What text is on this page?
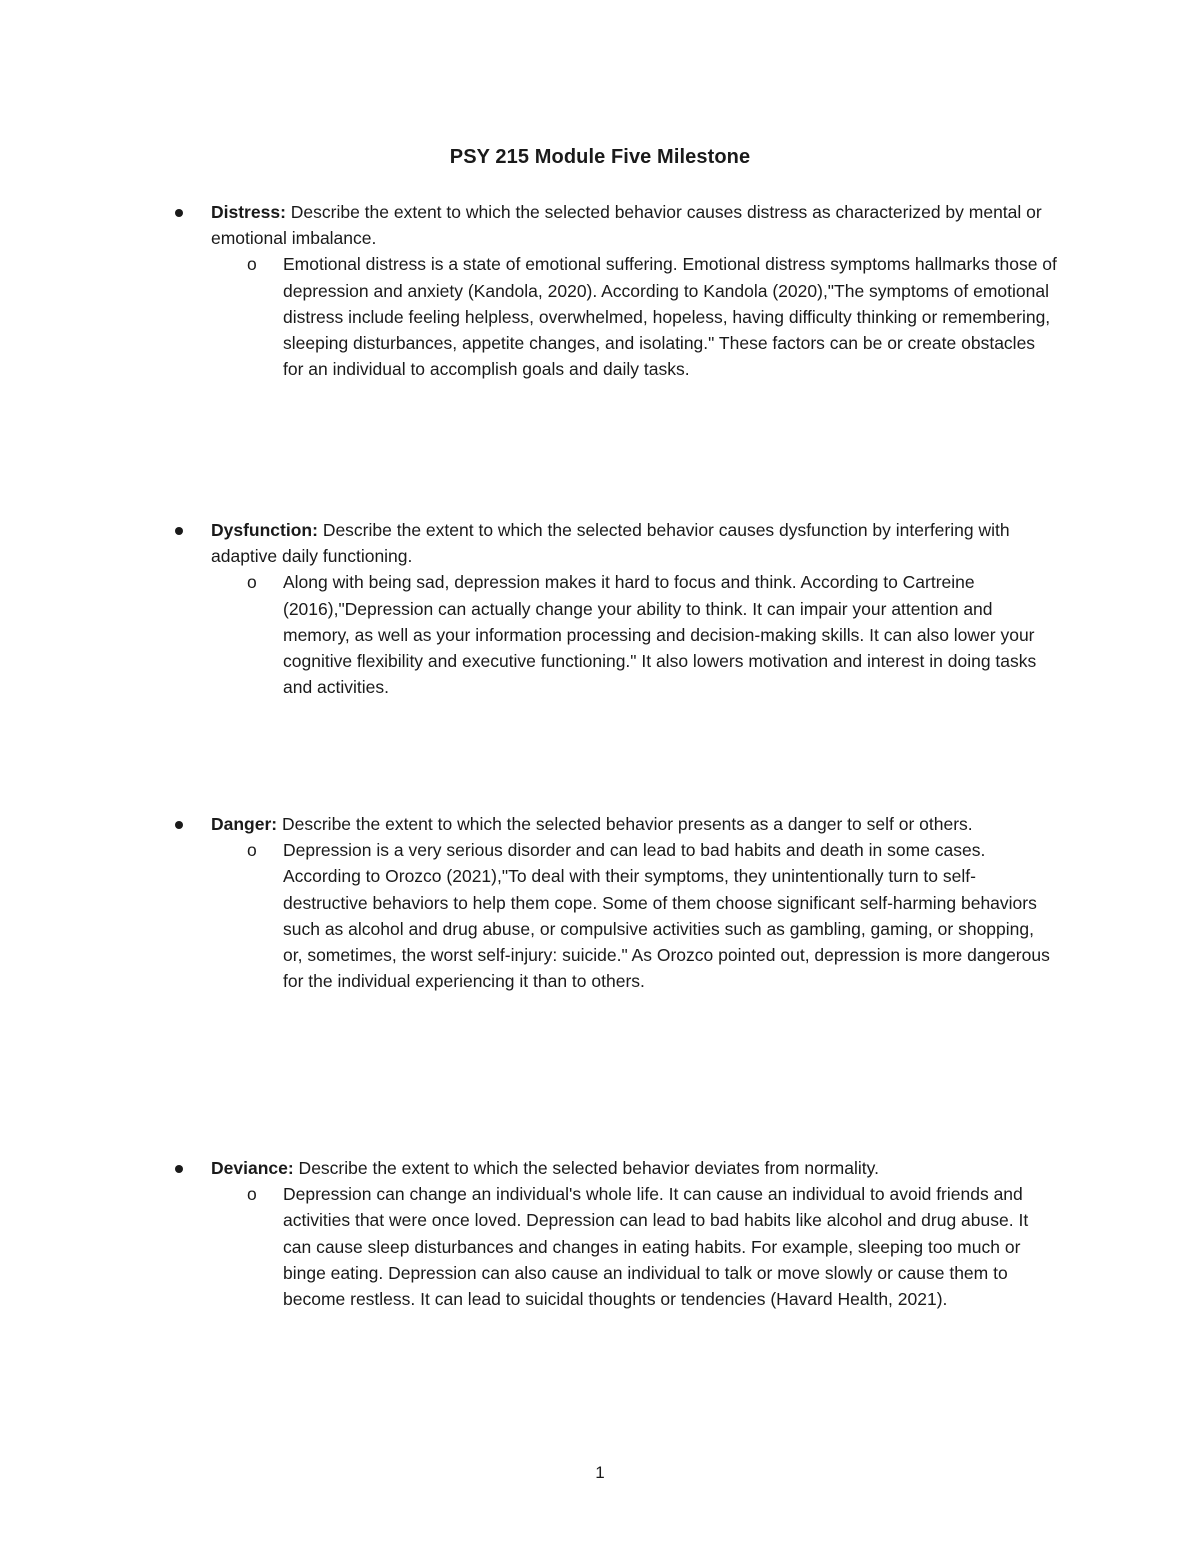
PSY 215 Module Five Milestone
Distress: Describe the extent to which the selected behavior causes distress as characterized by mental or emotional imbalance.
o Emotional distress is a state of emotional suffering. Emotional distress symptoms hallmarks those of depression and anxiety (Kandola, 2020). According to Kandola (2020),"The symptoms of emotional distress include feeling helpless, overwhelmed, hopeless, having difficulty thinking or remembering, sleeping disturbances, appetite changes, and isolating." These factors can be or create obstacles for an individual to accomplish goals and daily tasks.
Dysfunction: Describe the extent to which the selected behavior causes dysfunction by interfering with adaptive daily functioning.
o Along with being sad, depression makes it hard to focus and think. According to Cartreine (2016),"Depression can actually change your ability to think. It can impair your attention and memory, as well as your information processing and decision-making skills. It can also lower your cognitive flexibility and executive functioning." It also lowers motivation and interest in doing tasks and activities.
Danger: Describe the extent to which the selected behavior presents as a danger to self or others.
o Depression is a very serious disorder and can lead to bad habits and death in some cases. According to Orozco (2021),"To deal with their symptoms, they unintentionally turn to self-destructive behaviors to help them cope. Some of them choose significant self-harming behaviors such as alcohol and drug abuse, or compulsive activities such as gambling, gaming, or shopping, or, sometimes, the worst self-injury: suicide." As Orozco pointed out, depression is more dangerous for the individual experiencing it than to others.
Deviance: Describe the extent to which the selected behavior deviates from normality.
o Depression can change an individual's whole life. It can cause an individual to avoid friends and activities that were once loved. Depression can lead to bad habits like alcohol and drug abuse. It can cause sleep disturbances and changes in eating habits. For example, sleeping too much or binge eating. Depression can also cause an individual to talk or move slowly or cause them to become restless. It can lead to suicidal thoughts or tendencies (Havard Health, 2021).
1
